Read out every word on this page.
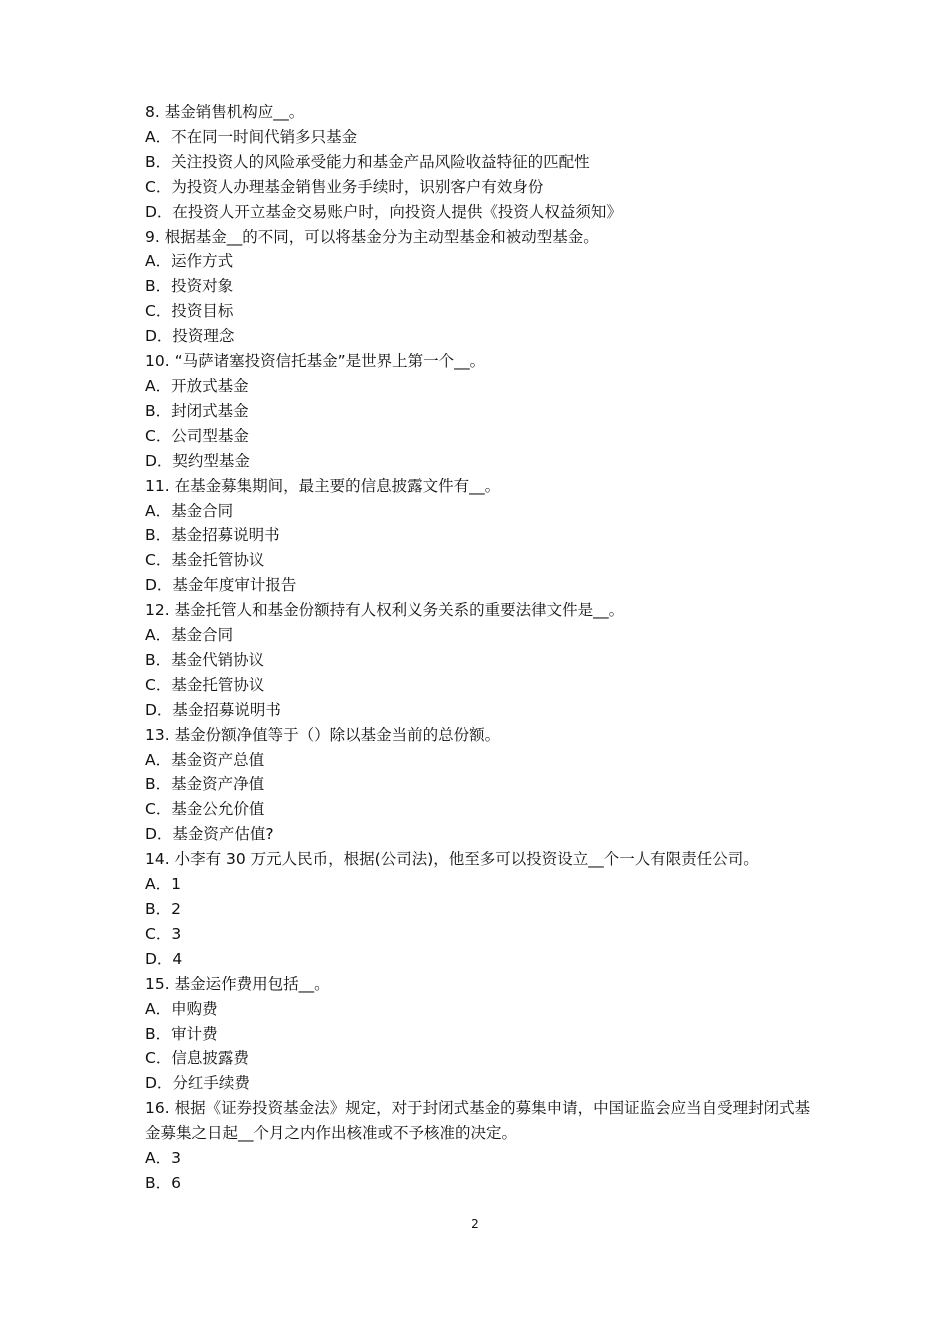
8. 基金销售机构应__。

A．不在同一时间代销多只基金

B．关注投资人的风险承受能力和基金产品风险收益特征的匹配性

C．为投资人办理基金销售业务手续时，识别客户有效身份

D．在投资人开立基金交易账户时，向投资人提供《投资人权益须知》

9. 根据基金__的不同，可以将基金分为主动型基金和被动型基金。

A．运作方式

B．投资对象

C．投资目标

D．投资理念

10. “马萨诸塞投资信托基金”是世界上第一个__。

A．开放式基金

B．封闭式基金

C．公司型基金

D．契约型基金

11. 在基金募集期间，最主要的信息披露文件有__。

A．基金合同

B．基金招募说明书

C．基金托管协议

D．基金年度审计报告

12. 基金托管人和基金份额持有人权利义务关系的重要法律文件是__。

A．基金合同

B．基金代销协议

C．基金托管协议

D．基金招募说明书

13. 基金份额净值等于（）除以基金当前的总份额。

A．基金资产总值

B．基金资产净值

C．基金公允价值

D．基金资产估值?

14. 小李有 30 万元人民币，根据(公司法)，他至多可以投资设立__个一人有限责任公司。

A．1

B．2

C．3

D．4

15. 基金运作费用包括__。

A．申购费

B．审计费

C．信息披露费

D．分红手续费

16. 根据《证券投资基金法》规定，对于封闭式基金的募集申请，中国证监会应当自受理封闭式基金募集之日起__个月之内作出核准或不予核准的决定。

A．3

B．6

2
